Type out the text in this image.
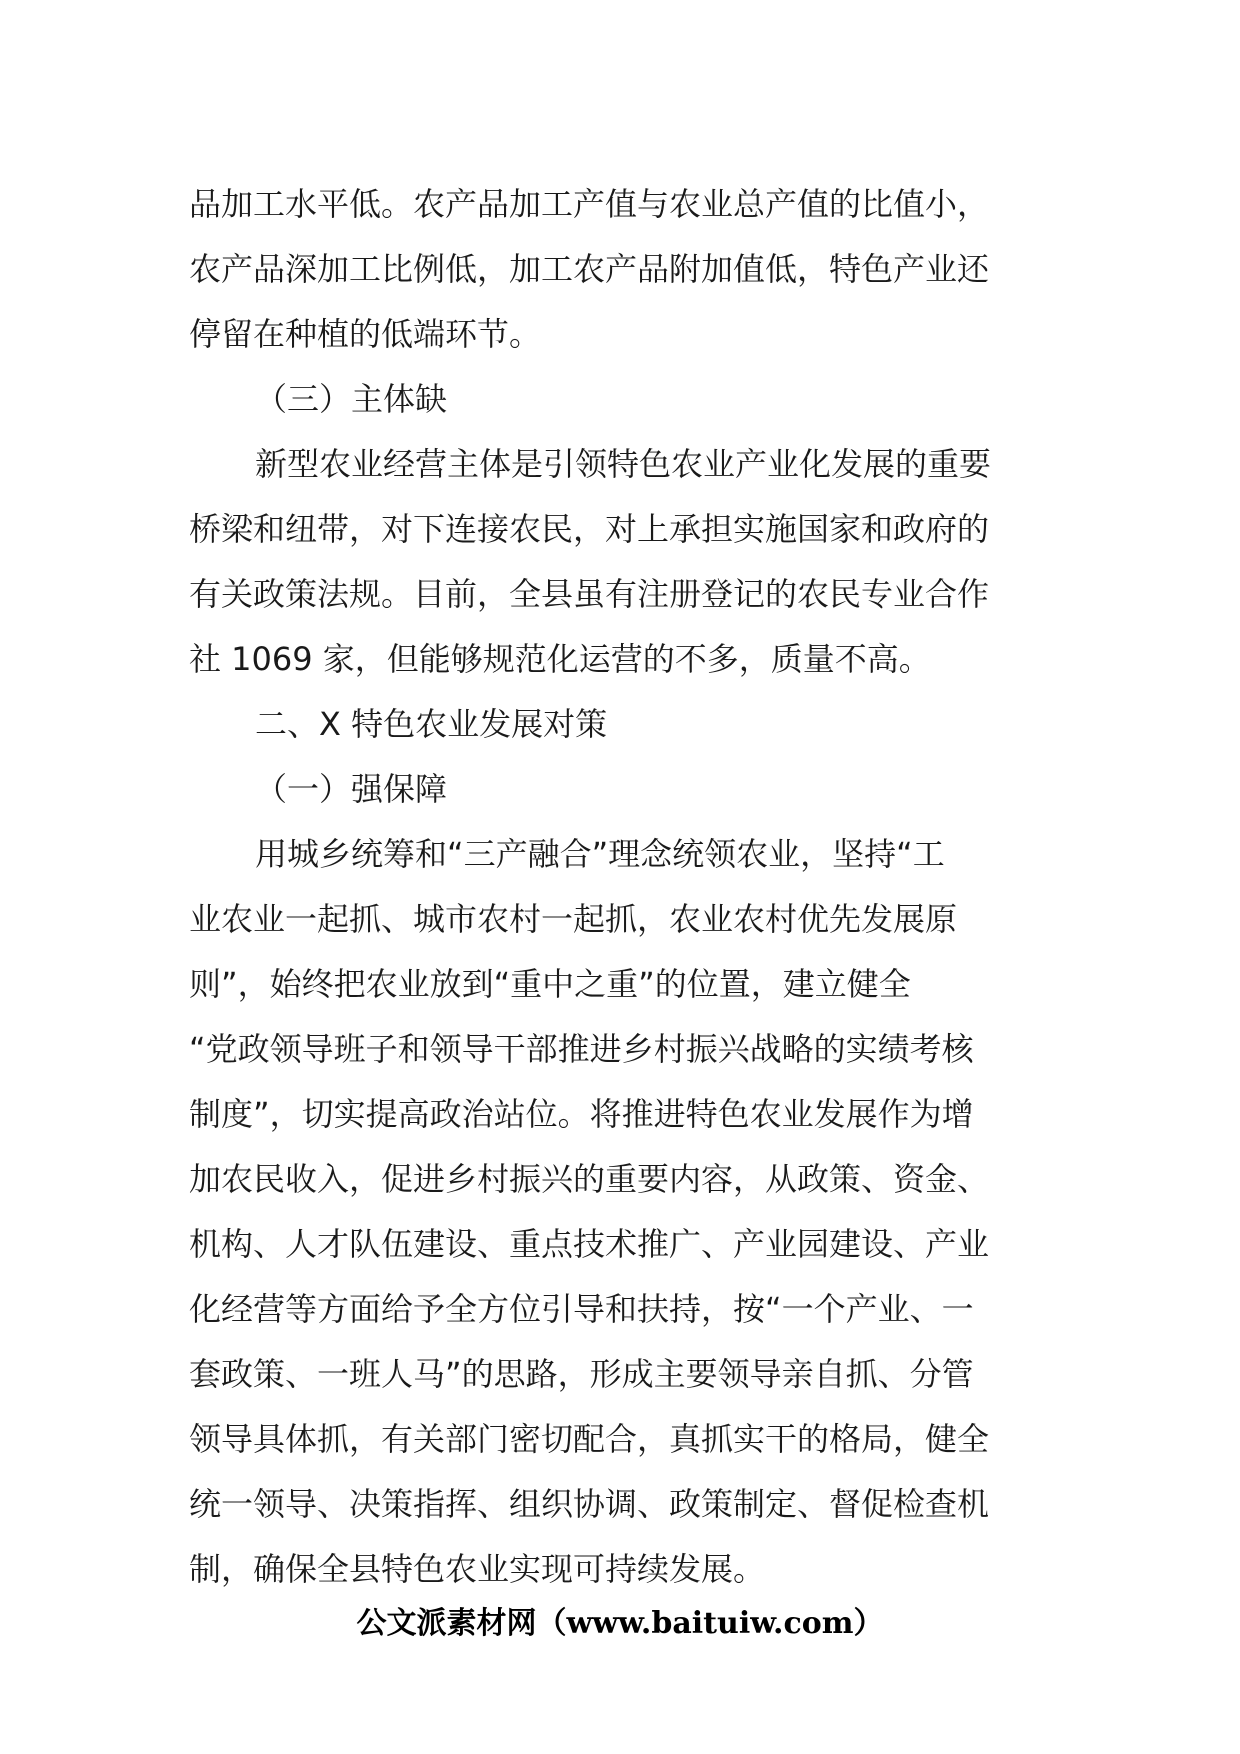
品加工水平低。农产品加工产值与农业总产值的比值小，
农产品深加工比例低，加工农产品附加值低，特色产业还
停留在种植的低端环节。
（三）主体缺
新型农业经营主体是引领特色农业产业化发展的重要
桥梁和纽带，对下连接农民，对上承担实施国家和政府的
有关政策法规。目前，全县虽有注册登记的农民专业合作
社 1069 家，但能够规范化运营的不多，质量不高。
二、X 特色农业发展对策
（一）强保障
用城乡统筹和“三产融合”理念统领农业，坚持“工
业农业一起抓、城市农村一起抓，农业农村优先发展原
则”，始终把农业放到“重中之重”的位置，建立健全
“党政领导班子和领导干部推进乡村振兴战略的实绩考核
制度”，切实提高政治站位。将推进特色农业发展作为增
加农民收入，促进乡村振兴的重要内容，从政策、资金、
机构、人才队伍建设、重点技术推广、产业园建设、产业
化经营等方面给予全方位引导和扶持，按“一个产业、一
套政策、一班人马”的思路，形成主要领导亲自抓、分管
领导具体抓，有关部门密切配合，真抓实干的格局，健全
统一领导、决策指挥、组织协调、政策制定、督促检查机
制，确保全县特色农业实现可持续发展。
公文派素材网（www.baituiw.com）
